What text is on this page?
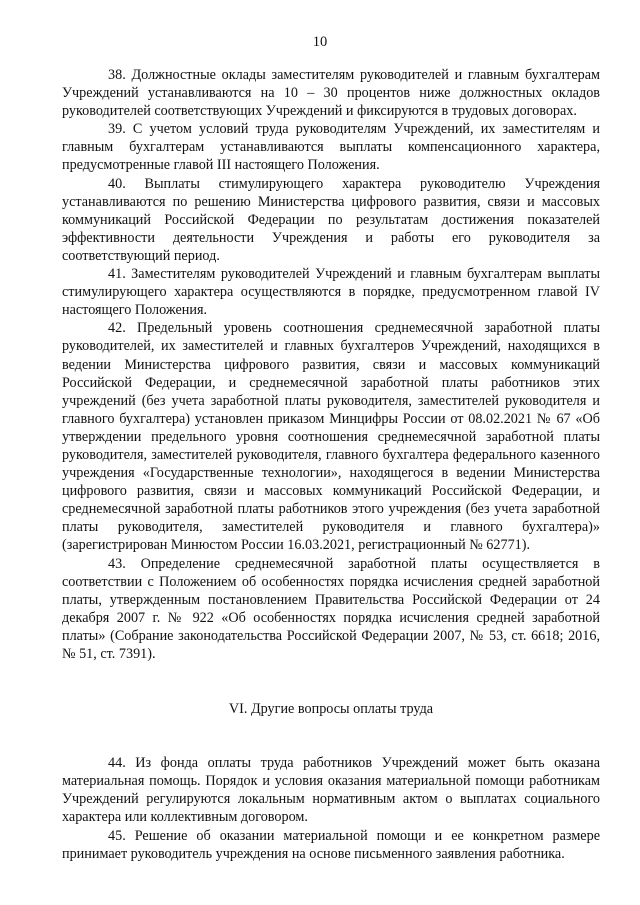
10

38. Должностные оклады заместителям руководителей и главным бухгалтерам Учреждений устанавливаются на 10 – 30 процентов ниже должностных окладов руководителей соответствующих Учреждений и фиксируются в трудовых договорах.

39. С учетом условий труда руководителям Учреждений, их заместителям и главным бухгалтерам устанавливаются выплаты компенсационного характера, предусмотренные главой III настоящего Положения.

40. Выплаты стимулирующего характера руководителю Учреждения устанавливаются по решению Министерства цифрового развития, связи и массовых коммуникаций Российской Федерации по результатам достижения показателей эффективности деятельности Учреждения и работы его руководителя за соответствующий период.

41. Заместителям руководителей Учреждений и главным бухгалтерам выплаты стимулирующего характера осуществляются в порядке, предусмотренном главой IV настоящего Положения.

42. Предельный уровень соотношения среднемесячной заработной платы руководителей, их заместителей и главных бухгалтеров Учреждений, находящихся в ведении Министерства цифрового развития, связи и массовых коммуникаций Российской Федерации, и среднемесячной заработной платы работников этих учреждений (без учета заработной платы руководителя, заместителей руководителя и главного бухгалтера) установлен приказом Минцифры России от 08.02.2021 № 67 «Об утверждении предельного уровня соотношения среднемесячной заработной платы руководителя, заместителей руководителя, главного бухгалтера федерального казенного учреждения «Государственные технологии», находящегося в ведении Министерства цифрового развития, связи и массовых коммуникаций Российской Федерации, и среднемесячной заработной платы работников этого учреждения (без учета заработной платы руководителя, заместителей руководителя и главного бухгалтера)» (зарегистрирован Минюстом России 16.03.2021, регистрационный № 62771).

43. Определение среднемесячной заработной платы осуществляется в соответствии с Положением об особенностях порядка исчисления средней заработной платы, утвержденным постановлением Правительства Российской Федерации от 24 декабря 2007 г. № 922 «Об особенностях порядка исчисления средней заработной платы» (Собрание законодательства Российской Федерации 2007, № 53, ст. 6618; 2016, № 51, ст. 7391).

VI. Другие вопросы оплаты труда

44. Из фонда оплаты труда работников Учреждений может быть оказана материальная помощь. Порядок и условия оказания материальной помощи работникам Учреждений регулируются локальным нормативным актом о выплатах социального характера или коллективным договором.

45. Решение об оказании материальной помощи и ее конкретном размере принимает руководитель учреждения на основе письменного заявления работника.
